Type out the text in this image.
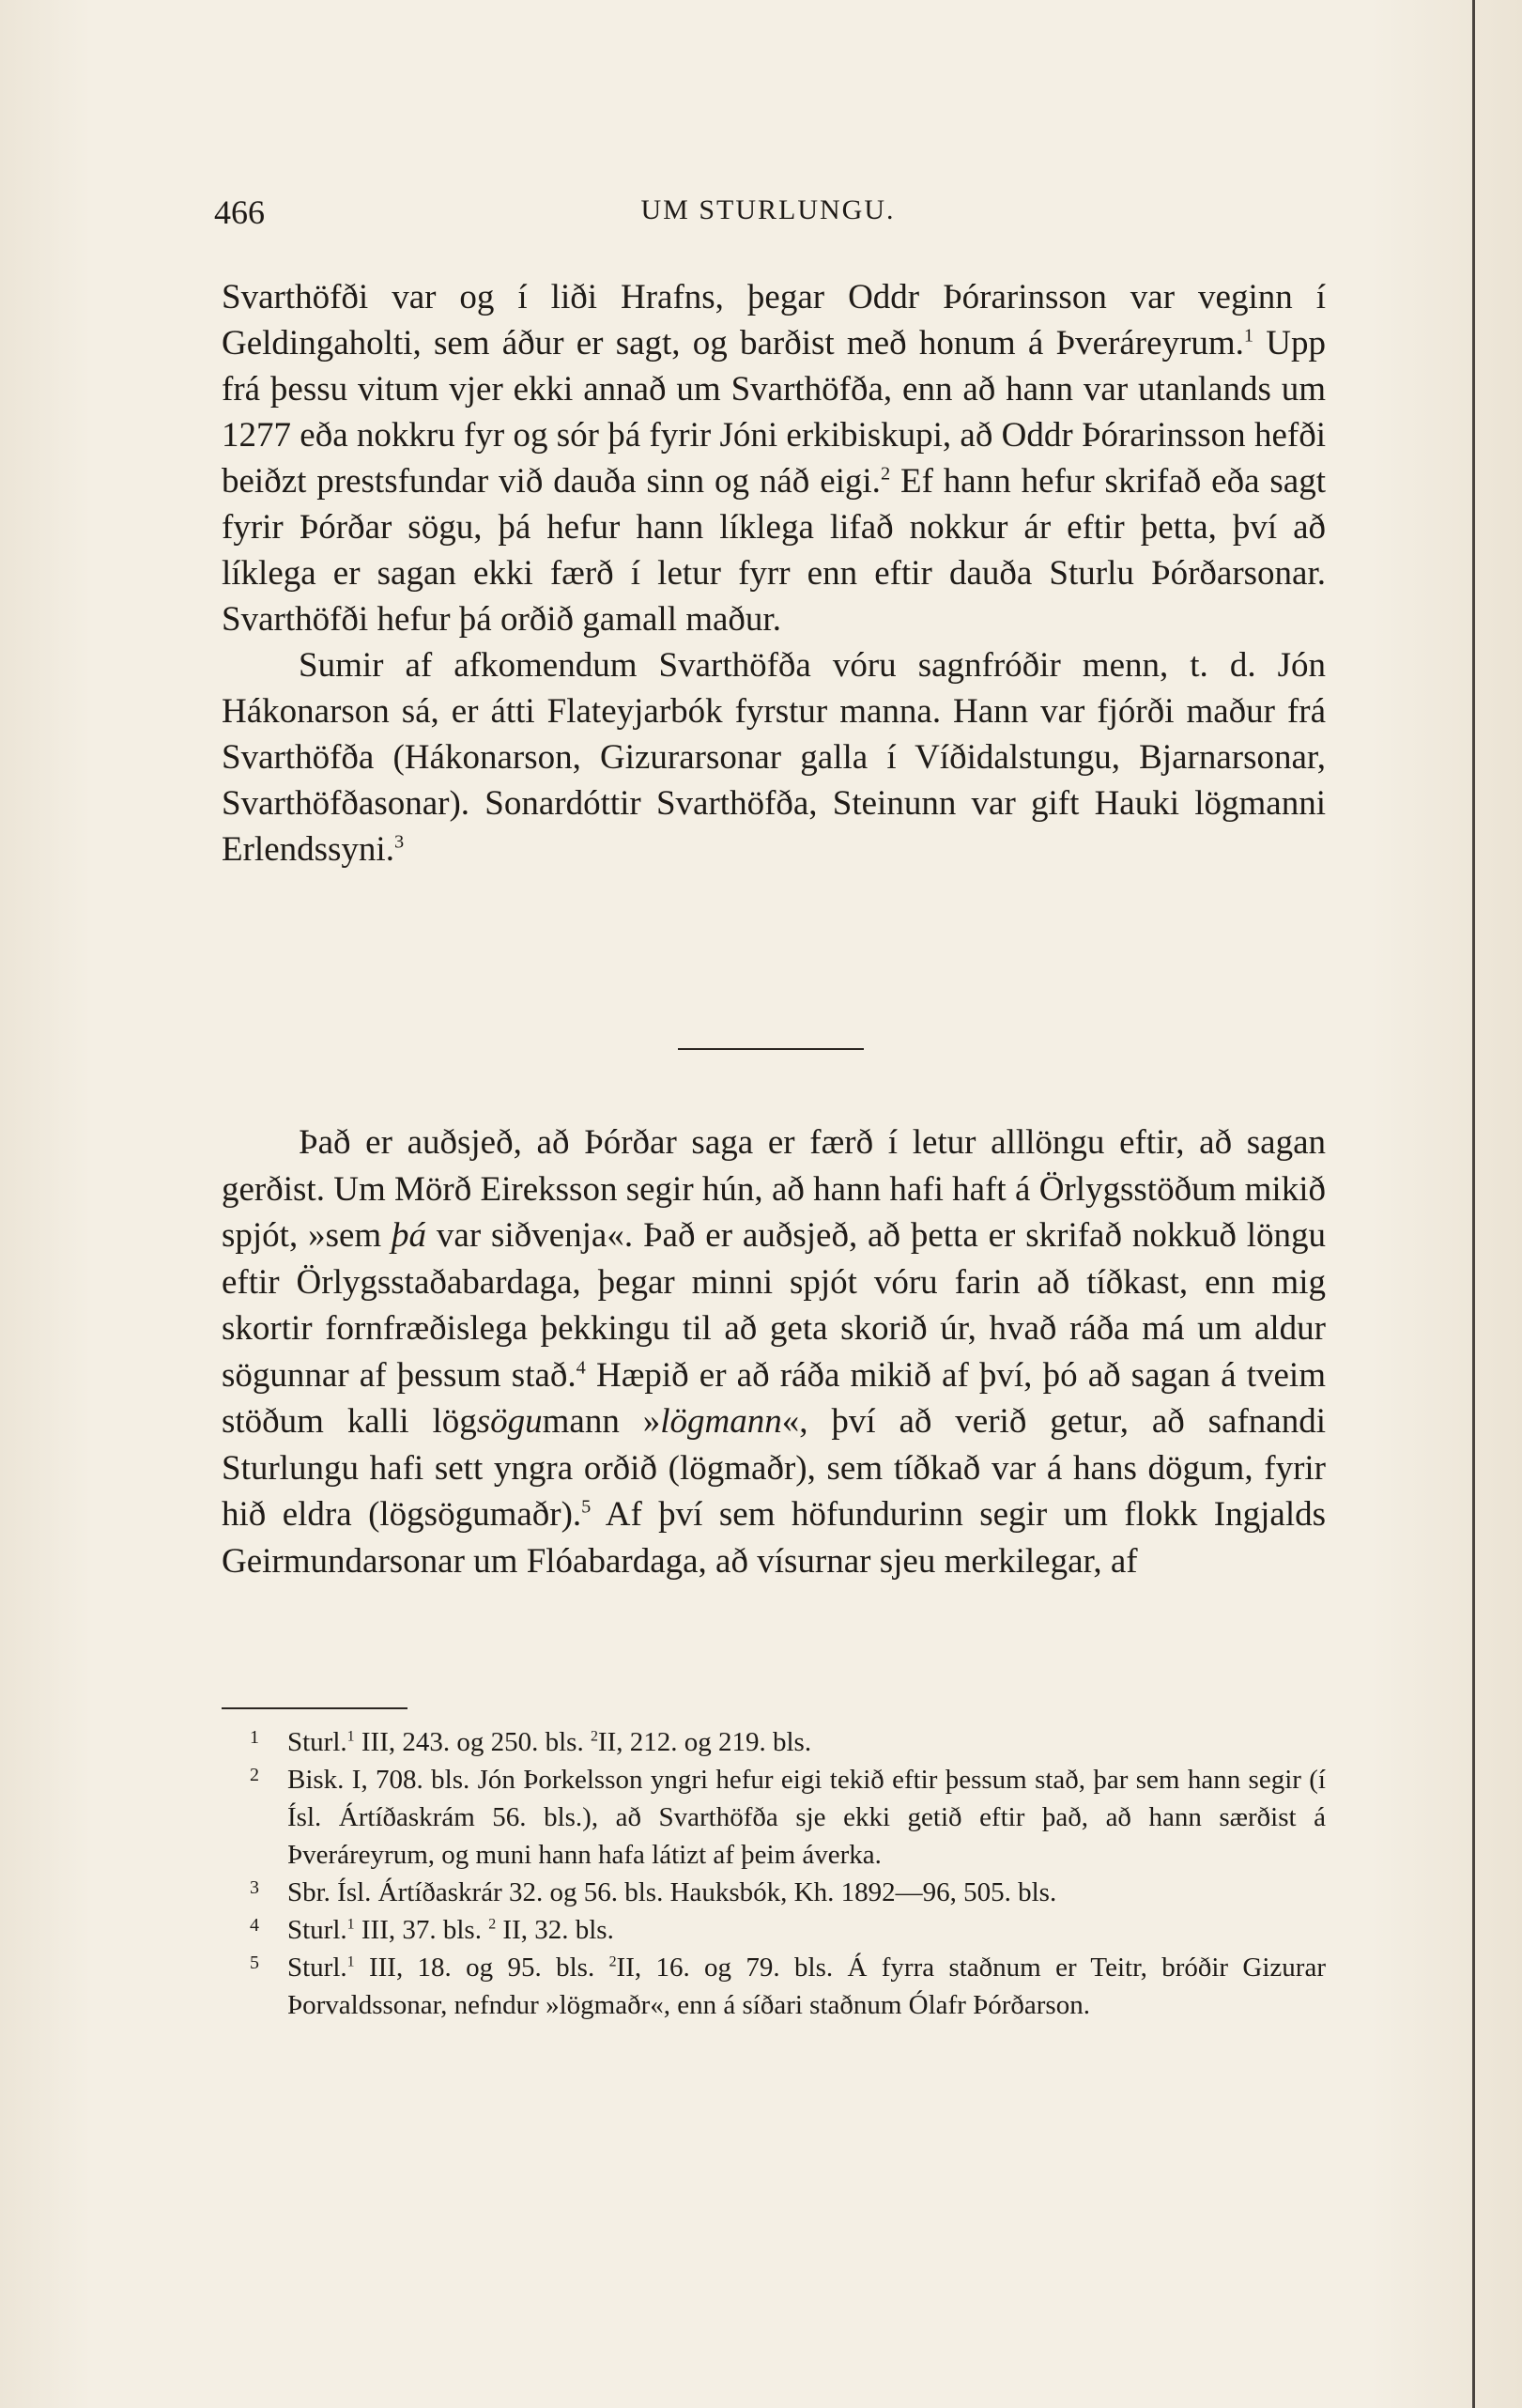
466	UM STURLUNGU.

Svarthöfði var og í liði Hrafns, þegar Oddr Þórarinsson var veginn í Geldingaholti, sem áður er sagt, og barðist með honum á Þveráreyrum.$^1$ Upp frá þessu vitum vjer ekki annað um Svarthöfða, enn að hann var utanlands um 1277 eða nokkru fyr og sór þá fyrir Jóni erkibiskupi, að Oddr Þórarinsson hefði beiðzt prestsfundar við dauða sinn og náð eigi.$^2$ Ef hann hefur skrifað eða sagt fyrir Þórðar sögu, þá hefur hann líklega lifað nokkur ár eftir þetta, því að líklega er sagan ekki færð í letur fyrr enn eftir dauða Sturlu Þórðarsonar. Svarthöfði hefur þá orðið gamall maður.

Sumir af afkomendum Svarthöfða vóru sagnfróðir menn, t. d. Jón Hákonarson sá, er átti Flateyjarbók fyrstur manna. Hann var fjórði maður frá Svarthöfða (Hákonarson, Gizurarsonar galla í Víðidalstungu, Bjarnarsonar, Svarthöfðasonar). Sonardóttir Svarthöfða, Steinunn var gift Hauki lögmanni Erlendssyni.$^3$

Það er auðsjeð, að Þórðar saga er færð í letur alllöngu eftir, að sagan gerðist. Um Mörð Eireksson segir hún, að hann hafi haft á Örlygsstöðum mikið spjót, »sem þá var siðvenja«. Það er auðsjeð, að þetta er skrifað nokkuð löngu eftir Örlygsstaðabardaga, þegar minni spjót vóru farin að tíðkast, enn mig skortir fornfræðislega þekkingu til að geta skorið úr, hvað ráða má um aldur sögunnar af þessum stað.$^4$ Hæpið er að ráða mikið af því, þó að sagan á tveim stöðum kalli lögsögumann »lögmann«, því að verið getur, að safnandi Sturlungu hafi sett yngra orðið (lögmaðr), sem tíðkað var á hans dögum, fyrir hið eldra (lögsögumaðr).$^5$ Af því sem höfundurinn segir um flokk Ingjalds Geirmundarsonar um Flóabardaga, að vísurnar sjeu merkilegar, af

1 Sturl.$^1$ III, 243. og 250. bls. $^2$II, 212. og 219. bls.
2 Bisk. I, 708. bls. Jón Þorkelsson yngri hefur eigi tekið eftir þessum stað, þar sem hann segir (í Ísl. Ártíðaskrám 56. bls.), að Svarthöfða sje ekki getið eftir það, að hann særðist á Þveráreyrum, og muni hann hafa látizt af þeim áverka.
3 Sbr. Ísl. Ártíðaskrár 32. og 56. bls. Hauksbók, Kh. 1892—96, 505. bls.
4 Sturl.$^1$ III, 37. bls. $^2$ II, 32. bls.
5 Sturl.$^1$ III, 18. og 95. bls. $^2$II, 16. og 79. bls. Á fyrra staðnum er Teitr, bróðir Gizurar Þorvaldssonar, nefndur »lögmaðr«, enn á síðari staðnum Ólafr Þórðarson.
